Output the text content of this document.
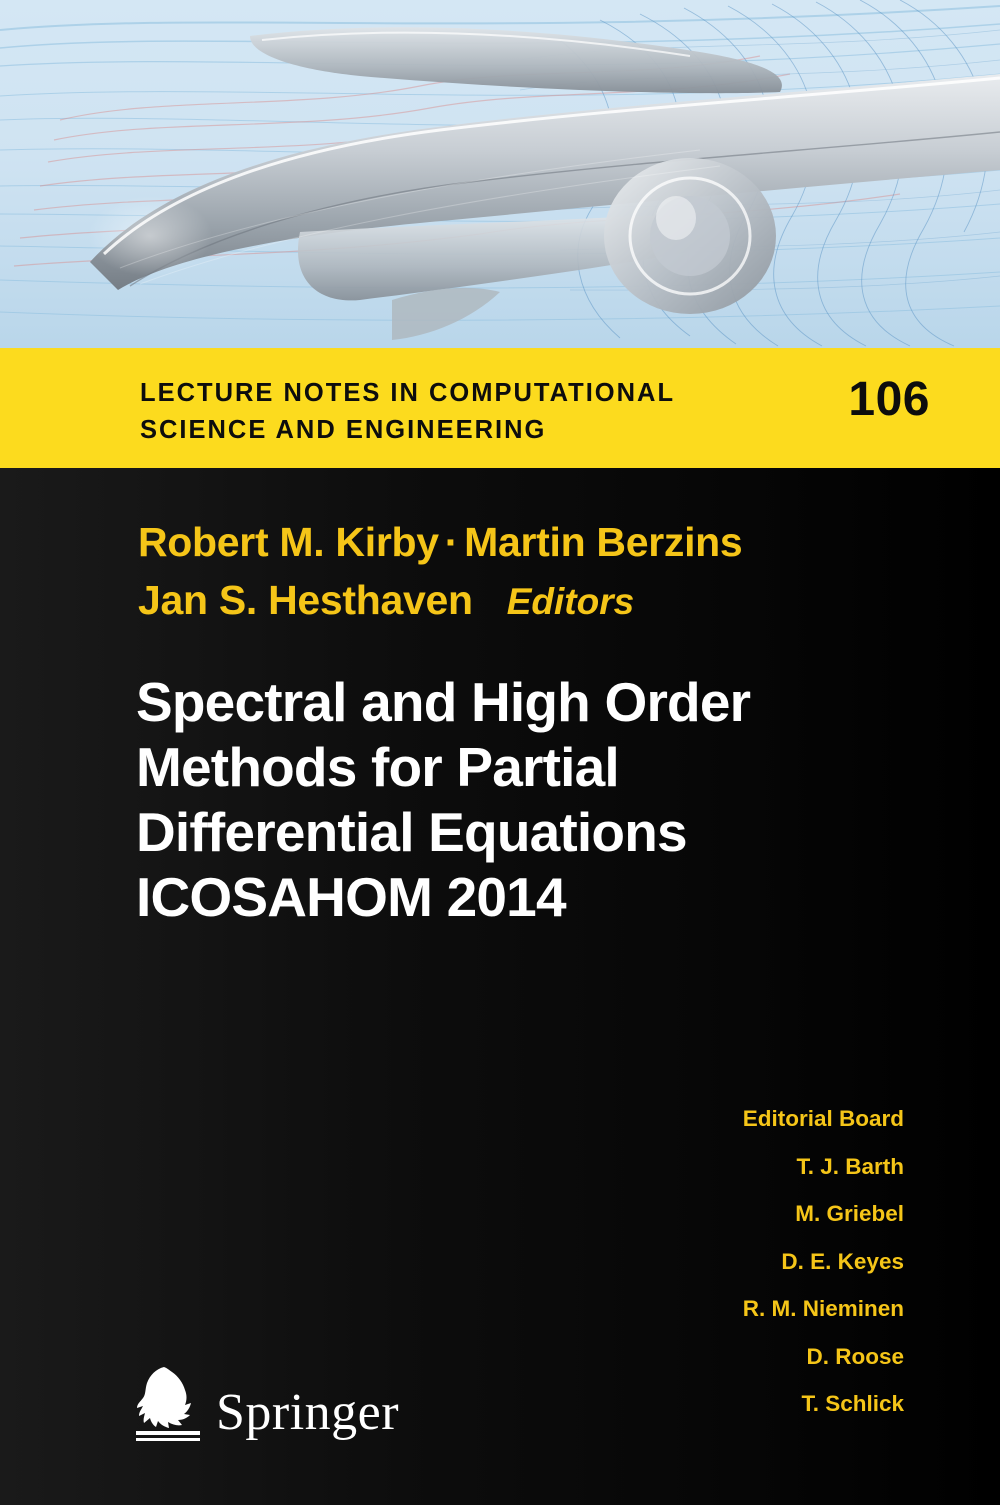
LECTURE NOTES IN COMPUTATIONAL
SCIENCE AND ENGINEERING
106
Robert M. Kirby · Martin Berzins
Jan S. Hesthaven Editors
Spectral and High Order
Methods for Partial
Differential Equations
ICOSAHOM 2014
Editorial Board
T. J. Barth
M. Griebel
D. E. Keyes
R. M. Nieminen
D. Roose
T. Schlick
Springer
